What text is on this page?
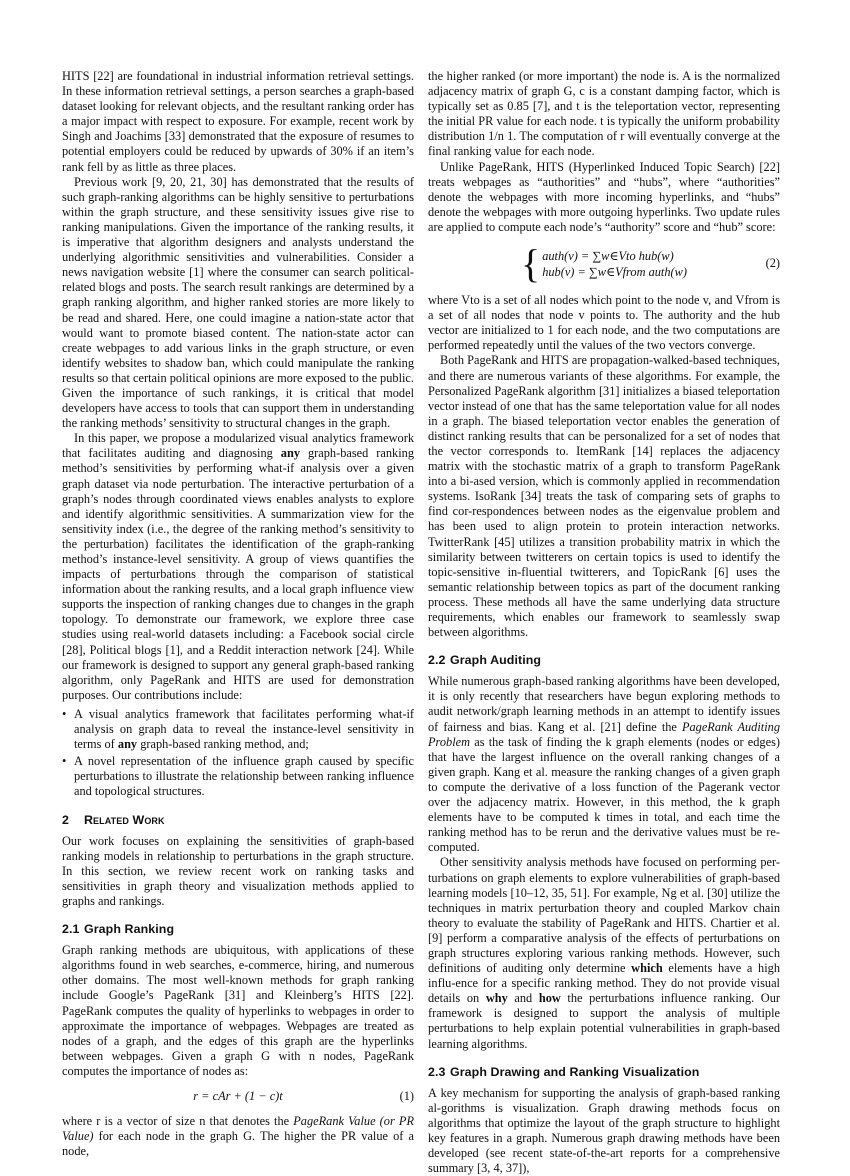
HITS [22] are foundational in industrial information retrieval settings. In these information retrieval settings, a person searches a graph-based dataset looking for relevant objects, and the resultant ranking order has a major impact with respect to exposure. For example, recent work by Singh and Joachims [33] demonstrated that the exposure of resumes to potential employers could be reduced by upwards of 30% if an item’s rank fell by as little as three places.

Previous work [9, 20, 21, 30] has demonstrated that the results of such graph-ranking algorithms can be highly sensitive to perturbations within the graph structure, and these sensitivity issues give rise to ranking manipulations. Given the importance of the ranking results, it is imperative that algorithm designers and analysts understand the underlying algorithmic sensitivities and vulnerabilities. Consider a news navigation website [1] where the consumer can search political-related blogs and posts. The search result rankings are determined by a graph ranking algorithm, and higher ranked stories are more likely to be read and shared. Here, one could imagine a nation-state actor that would want to promote biased content. The nation-state actor can create webpages to add various links in the graph structure, or even identify websites to shadow ban, which could manipulate the ranking results so that certain political opinions are more exposed to the public. Given the importance of such rankings, it is critical that model developers have access to tools that can support them in understanding the ranking methods’ sensitivity to structural changes in the graph.

In this paper, we propose a modularized visual analytics framework that facilitates auditing and diagnosing any graph-based ranking method’s sensitivities by performing what-if analysis over a given graph dataset via node perturbation. The interactive perturbation of a graph’s nodes through coordinated views enables analysts to explore and identify algorithmic sensitivities. A summarization view for the sensitivity index (i.e., the degree of the ranking method’s sensitivity to the perturbation) facilitates the identification of the graph-ranking method’s instance-level sensitivity. A group of views quantifies the impacts of perturbations through the comparison of statistical information about the ranking results, and a local graph influence view supports the inspection of ranking changes due to changes in the graph topology. To demonstrate our framework, we explore three case studies using real-world datasets including: a Facebook social circle [28], Political blogs [1], and a Reddit interaction network [24]. While our framework is designed to support any general graph-based ranking algorithm, only PageRank and HITS are used for demonstration purposes. Our contributions include:

• A visual analytics framework that facilitates performing what-if analysis on graph data to reveal the instance-level sensitivity in terms of any graph-based ranking method, and;
• A novel representation of the influence graph caused by specific perturbations to illustrate the relationship between ranking influence and topological structures.
2 Related Work

Our work focuses on explaining the sensitivities of graph-based ranking models in relationship to perturbations in the graph structure. In this section, we review recent work on ranking tasks and sensitivities in graph theory and visualization methods applied to graphs and rankings.

2.1 Graph Ranking

Graph ranking methods are ubiquitous, with applications of these algorithms found in web searches, e-commerce, hiring, and numerous other domains. The most well-known methods for graph ranking include Google’s PageRank [31] and Kleinberg’s HITS [22]. PageRank computes the quality of hyperlinks to webpages in order to approximate the importance of webpages. Webpages are treated as nodes of a graph, and the edges of this graph are the hyperlinks between webpages. Given a graph G with n nodes, PageRank computes the importance of nodes as:

r = cAr + (1 − c)t	(1)

where r is a vector of size n that denotes the PageRank Value (or PR Value) for each node in the graph G. The higher the PR value of a node,

the higher ranked (or more important) the node is. A is the normalized adjacency matrix of graph G, c is a constant damping factor, which is typically set as 0.85 [7], and t is the teleportation vector, representing the initial PR value for each node. t is typically the uniform probability distribution 1/n 1. The computation of r will eventually converge at the final ranking value for each node.

Unlike PageRank, HITS (Hyperlinked Induced Topic Search) [22] treats webpages as “authorities” and “hubs”, where “authorities” denote the webpages with more incoming hyperlinks, and “hubs” denote the webpages with more outgoing hyperlinks. Two update rules are applied to compute each node’s “authority” score and “hub” score:

{ auth(v) = ∑w∈Vto hub(w)
hub(v) = ∑w∈Vfrom auth(w)
(2)

where Vto is a set of all nodes which point to the node v, and Vfrom is a set of all nodes that node v points to. The authority and the hub vector are initialized to 1 for each node, and the two computations are performed repeatedly until the values of the two vectors converge.

Both PageRank and HITS are propagation-walked-based techniques, and there are numerous variants of these algorithms. For example, the Personalized PageRank algorithm [31] initializes a biased teleportation vector instead of one that has the same teleportation value for all nodes in a graph. The biased teleportation vector enables the generation of distinct ranking results that can be personalized for a set of nodes that the vector corresponds to. ItemRank [14] replaces the adjacency matrix with the stochastic matrix of a graph to transform PageRank into a bi-ased version, which is commonly applied in recommendation systems. IsoRank [34] treats the task of comparing sets of graphs to find cor-respondences between nodes as the eigenvalue problem and has been used to align protein to protein interaction networks. TwitterRank [45] utilizes a transition probability matrix in which the similarity between twitterers on certain topics is used to identify the topic-sensitive in-fluential twitterers, and TopicRank [6] uses the semantic relationship between topics as part of the document ranking process. These methods all have the same underlying data structure requirements, which enables our framework to seamlessly swap between algorithms.

2.2 Graph Auditing

While numerous graph-based ranking algorithms have been developed, it is only recently that researchers have begun exploring methods to audit network/graph learning methods in an attempt to identify issues of fairness and bias. Kang et al. [21] define the PageRank Auditing Problem as the task of finding the k graph elements (nodes or edges) that have the largest influence on the overall ranking changes of a given graph. Kang et al. measure the ranking changes of a given graph to compute the derivative of a loss function of the Pagerank vector over the adjacency matrix. However, in this method, the k graph elements have to be computed k times in total, and each time the ranking method has to be rerun and the derivative values must be re-computed.

Other sensitivity analysis methods have focused on performing per-turbations on graph elements to explore vulnerabilities of graph-based learning models [10–12, 35, 51]. For example, Ng et al. [30] utilize the techniques in matrix perturbation theory and coupled Markov chain theory to evaluate the stability of PageRank and HITS. Chartier et al. [9] perform a comparative analysis of the effects of perturbations on graph structures exploring various ranking methods. However, such definitions of auditing only determine which elements have a high influ-ence for a specific ranking method. They do not provide visual details on why and how the perturbations influence ranking. Our framework is designed to support the analysis of multiple perturbations to help explain potential vulnerabilities in graph-based learning algorithms.

2.3 Graph Drawing and Ranking Visualization

A key mechanism for supporting the analysis of graph-based ranking al-gorithms is visualization. Graph drawing methods focus on algorithms that optimize the layout of the graph structure to highlight key features in a graph. Numerous graph drawing methods have been developed (see recent state-of-the-art reports for a comprehensive summary [3, 4, 37]),
